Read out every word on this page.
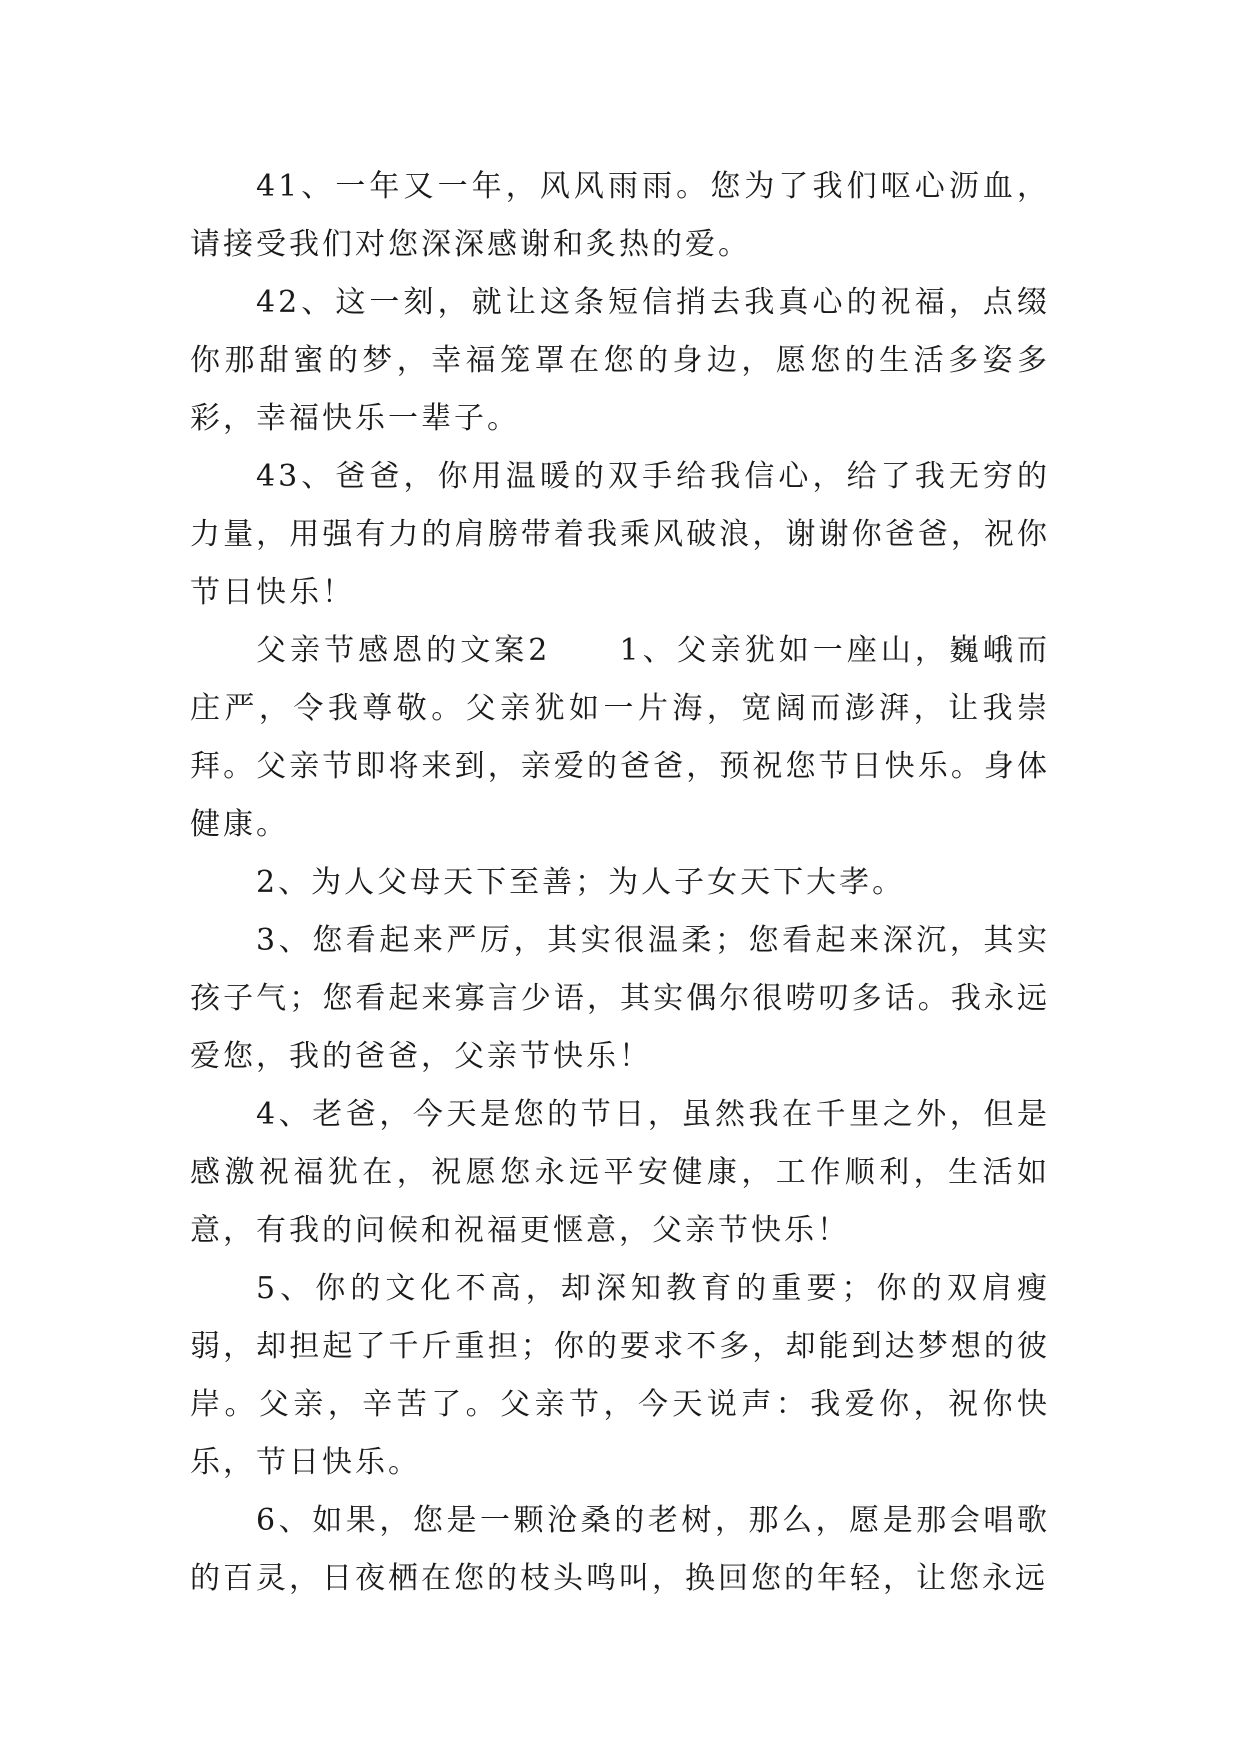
41、一年又一年，风风雨雨。您为了我们呕心沥血，请接受我们对您深深感谢和炙热的爱。

42、这一刻，就让这条短信捎去我真心的祝福，点缀你那甜蜜的梦，幸福笼罩在您的身边，愿您的生活多姿多彩，幸福快乐一辈子。

43、爸爸，你用温暖的双手给我信心，给了我无穷的力量，用强有力的肩膀带着我乘风破浪，谢谢你爸爸，祝你节日快乐！

父亲节感恩的文案2　　1、父亲犹如一座山，巍峨而庄严，令我尊敬。父亲犹如一片海，宽阔而澎湃，让我崇拜。父亲节即将来到，亲爱的爸爸，预祝您节日快乐。身体健康。

2、为人父母天下至善；为人子女天下大孝。

3、您看起来严厉，其实很温柔；您看起来深沉，其实孩子气；您看起来寡言少语，其实偶尔很唠叨多话。我永远爱您，我的爸爸，父亲节快乐！

4、老爸，今天是您的节日，虽然我在千里之外，但是感激祝福犹在，祝愿您永远平安健康，工作顺利，生活如意，有我的问候和祝福更惬意，父亲节快乐！

5、你的文化不高，却深知教育的重要；你的双肩瘦弱，却担起了千斤重担；你的要求不多，却能到达梦想的彼岸。父亲，辛苦了。父亲节，今天说声：我爱你，祝你快乐，节日快乐。

6、如果，您是一颗沧桑的老树，那么，愿是那会唱歌的百灵，日夜栖在您的枝头鸣叫，换回您的年轻，让您永远
